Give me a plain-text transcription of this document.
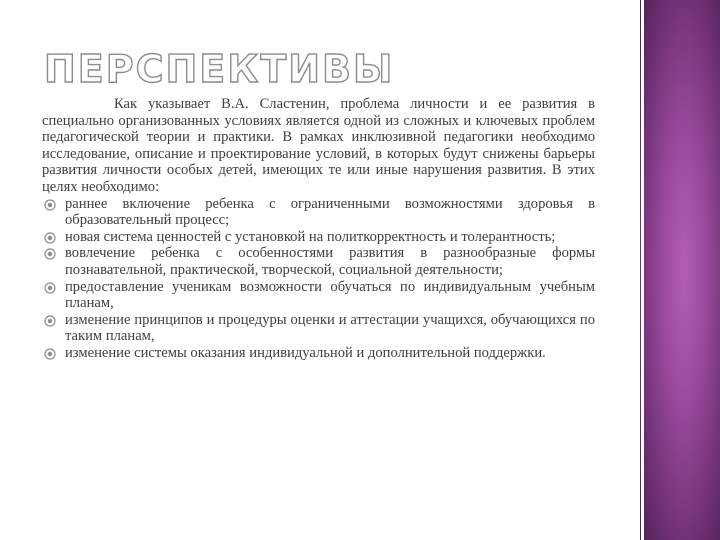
ПЕРСПЕКТИВЫ

Как указывает В.А. Сластенин, проблема личности и ее развития в специально организованных условиях является одной из сложных и ключевых проблем педагогической теории и практики. В рамках инклюзивной педагогики необходимо исследование, описание и проектирование условий, в которых будут снижены барьеры развития личности особых детей, имеющих те или иные нарушения развития. В этих целях необходимо:

раннее включение ребенка с ограниченными возможностями здоровья в образовательный процесс;
новая система ценностей с установкой на политкорректность и толерантность;
вовлечение ребенка с особенностями развития в разнообразные формы познавательной, практической, творческой, социальной деятельности;
предоставление ученикам возможности обучаться по индивидуальным учебным планам,
изменение принципов и процедуры оценки и аттестации учащихся, обучающихся по таким планам,
изменение системы оказания индивидуальной и дополнительной поддержки.
